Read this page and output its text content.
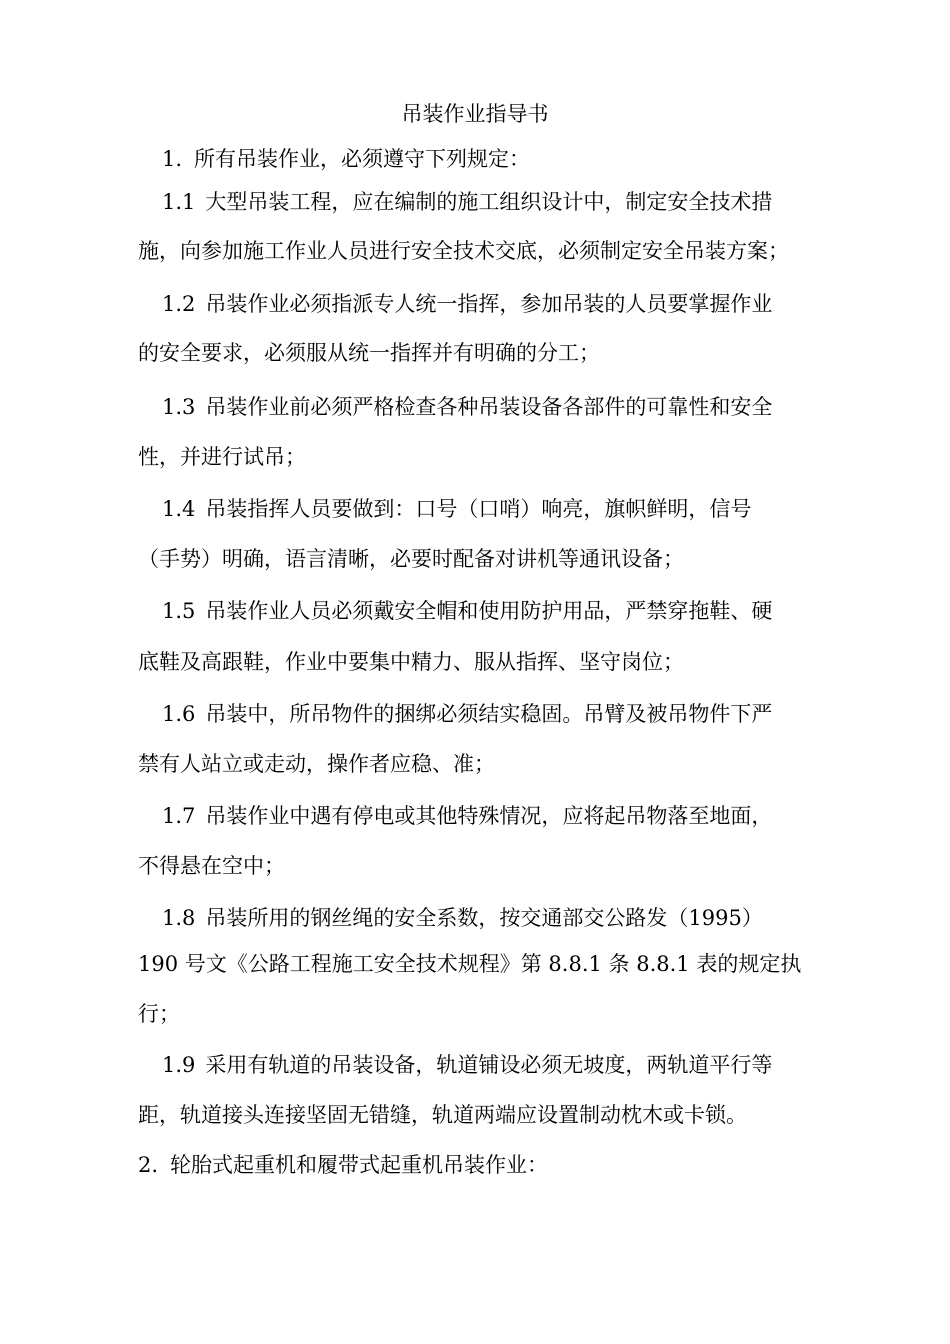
吊装作业指导书
1. 所有吊装作业，必须遵守下列规定：
1.1 大型吊装工程，应在编制的施工组织设计中，制定安全技术措
施，向参加施工作业人员进行安全技术交底，必须制定安全吊装方案；
1.2 吊装作业必须指派专人统一指挥，参加吊装的人员要掌握作业
的安全要求，必须服从统一指挥并有明确的分工；
1.3 吊装作业前必须严格检查各种吊装设备各部件的可靠性和安全
性，并进行试吊；
1.4 吊装指挥人员要做到：口号（口哨）响亮，旗帜鲜明，信号
（手势）明确，语言清晰，必要时配备对讲机等通讯设备；
1.5 吊装作业人员必须戴安全帽和使用防护用品，严禁穿拖鞋、硬
底鞋及高跟鞋，作业中要集中精力、服从指挥、坚守岗位；
1.6 吊装中，所吊物件的捆绑必须结实稳固。吊臂及被吊物件下严
禁有人站立或走动，操作者应稳、准；
1.7 吊装作业中遇有停电或其他特殊情况，应将起吊物落至地面，
不得悬在空中；
1.8 吊装所用的钢丝绳的安全系数，按交通部交公路发（1995）
190 号文《公路工程施工安全技术规程》第 8.8.1 条 8.8.1 表的规定执
行；
1.9 采用有轨道的吊装设备，轨道铺设必须无坡度，两轨道平行等
距，轨道接头连接坚固无错缝，轨道两端应设置制动枕木或卡锁。
2. 轮胎式起重机和履带式起重机吊装作业：
